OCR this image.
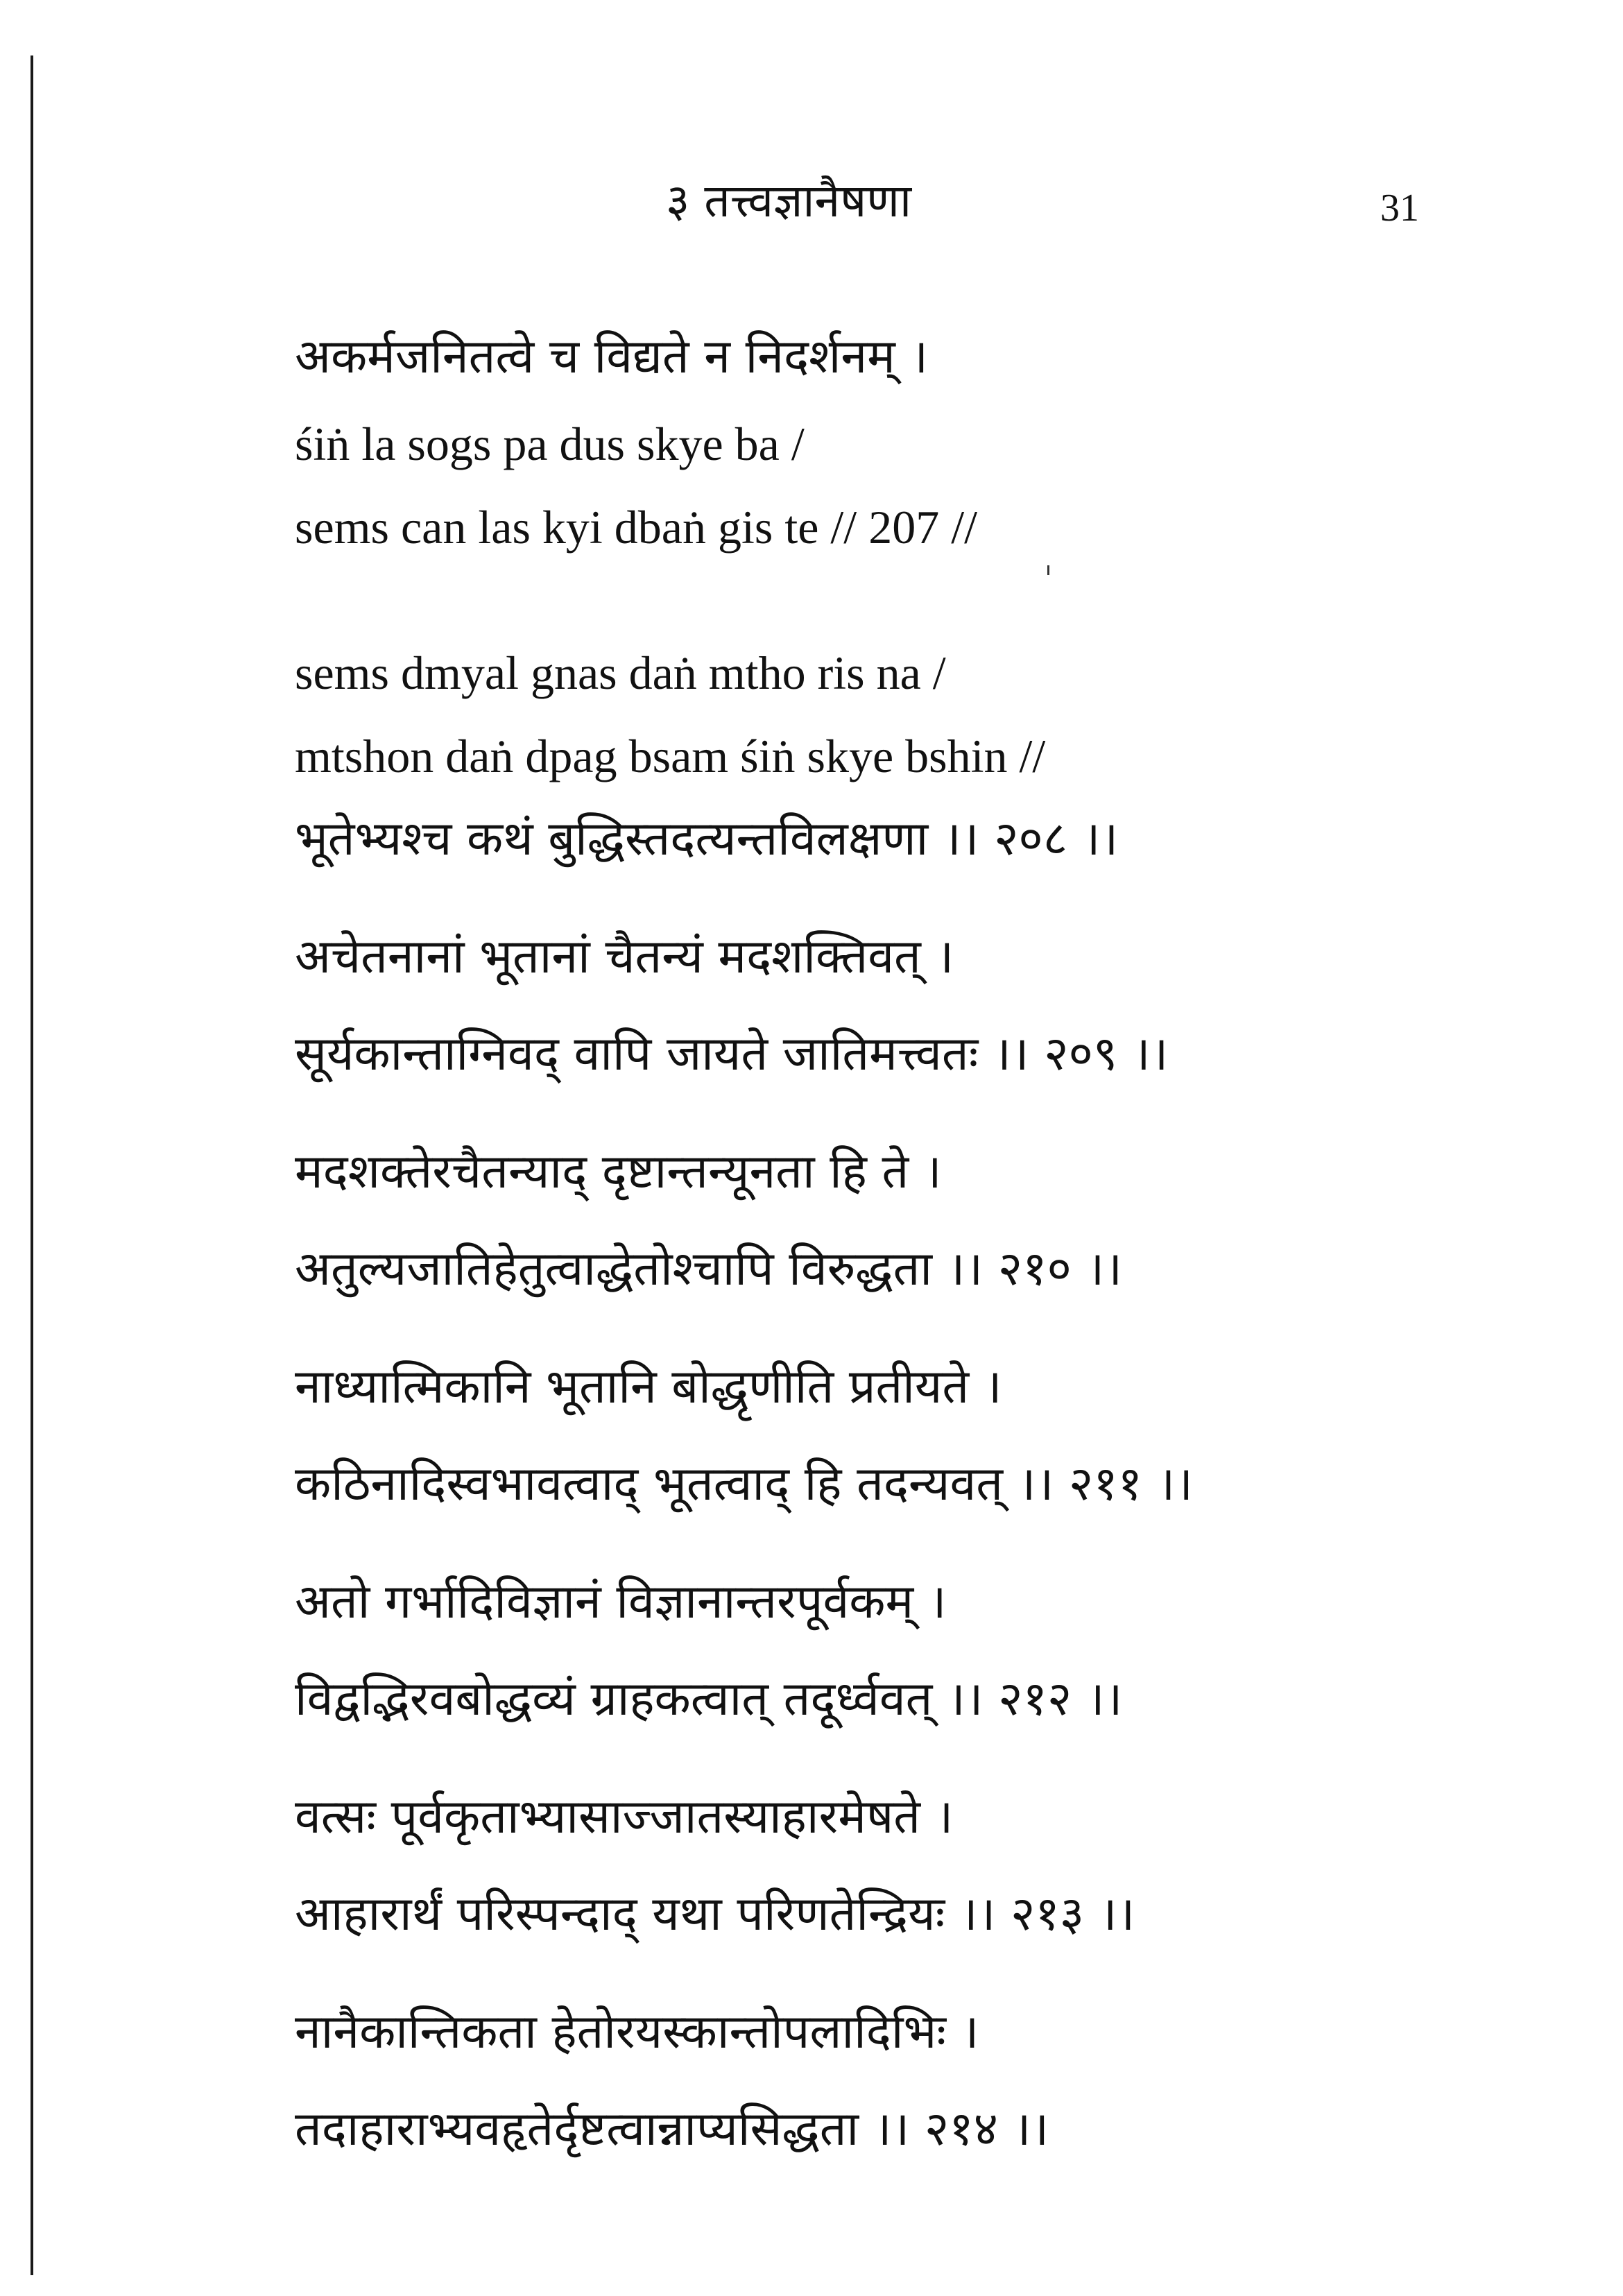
३ तत्त्वज्ञानैषणा	31
अकर्मजनितत्वे च विद्यते न निदर्शनम् ।
śiṅ la sogs pa dus skye ba /
sems can las kyi dbaṅ gis te // 207 //
sems dmyal gnas daṅ mtho ris na /
mtshon daṅ dpag bsam śiṅ skye bshin //
भूतेभ्यश्च कथं बुद्धिस्तदत्यन्तविलक्षणा ।। २०८ ।।
अचेतनानां भूतानां चैतन्यं मदशक्तिवत् ।
सूर्यकान्ताग्निवद् वापि जायते जातिमत्त्वतः ।। २०९ ।।
मदशक्तेरचैतन्याद् दृष्टान्तन्यूनता हि ते ।
अतुल्यजातिहेतुत्वाद्धेतोश्चापि विरुद्धता ।। २१० ।।
नाध्यात्मिकानि भूतानि बोद्धृणीति प्रतीयते ।
कठिनादिस्वभावत्वाद् भूतत्वाद् हि तदन्यवत् ।। २११ ।।
अतो गर्भादिविज्ञानं विज्ञानान्तरपूर्वकम् ।
विद्वद्भिरवबोद्धव्यं ग्राहकत्वात् तदूर्ध्ववत् ।। २१२ ।।
वत्सः पूर्वकृताभ्यासाज्जातस्याहारमेषते ।
आहारार्थं परिस्पन्दाद् यथा परिणतेन्द्रियः ।। २१३ ।।
नानैकान्तिकता हेतोरयस्कान्तोपलादिभिः ।
तदाहाराभ्यवहृतेर्दृष्टत्वान्नाप्यसिद्धता ।। २१४ ।।
